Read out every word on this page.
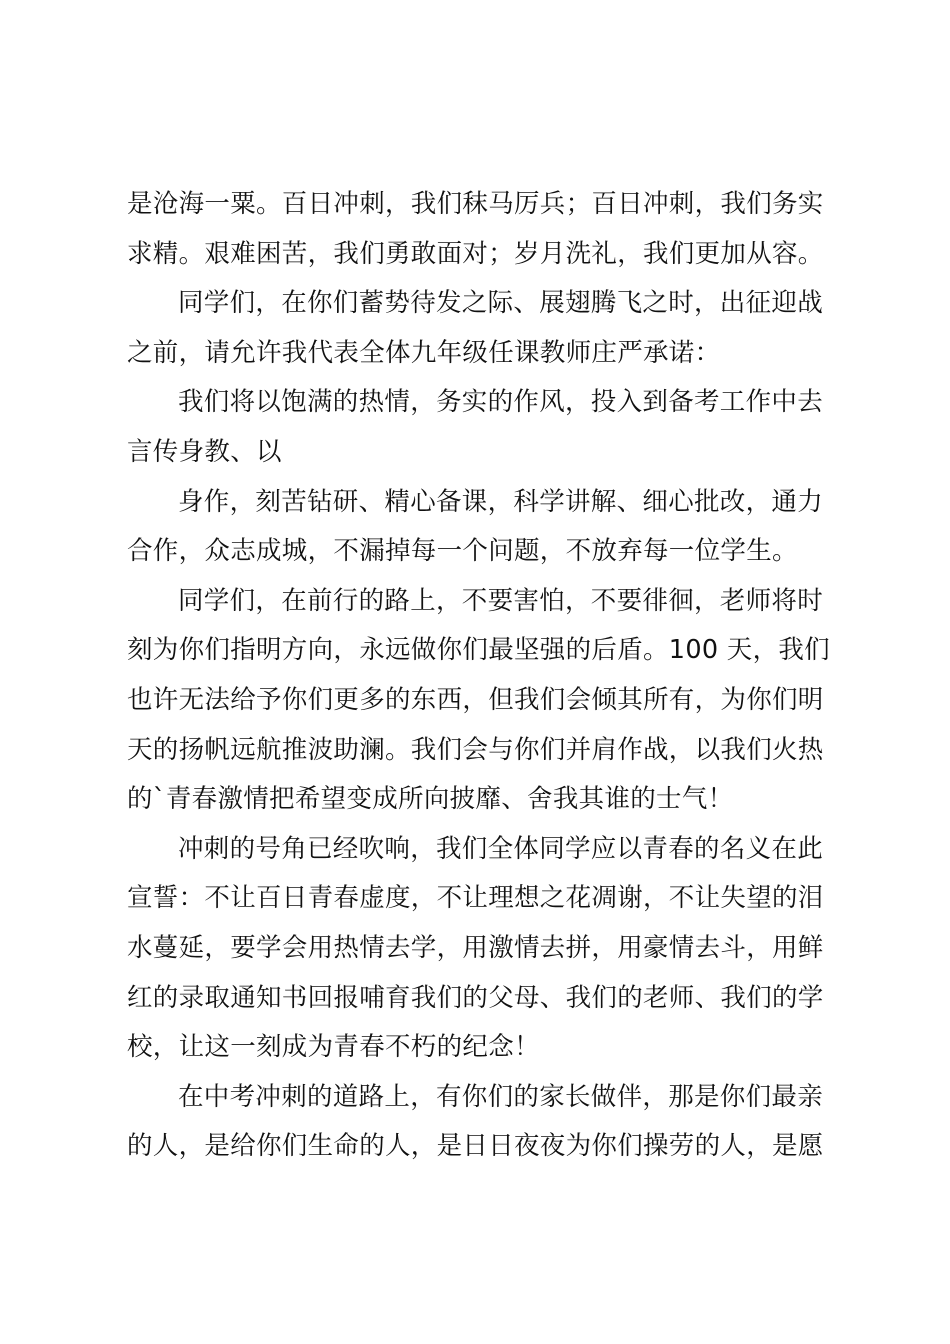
是沧海一粟。百日冲刺，我们秣马厉兵；百日冲刺，我们务实
求精。艰难困苦，我们勇敢面对；岁月洗礼，我们更加从容。
同学们，在你们蓄势待发之际、展翅腾飞之时，出征迎战
之前，请允许我代表全体九年级任课教师庄严承诺：
我们将以饱满的热情，务实的作风，投入到备考工作中去
言传身教、以
身作，刻苦钻研、精心备课，科学讲解、细心批改，通力
合作，众志成城，不漏掉每一个问题，不放弃每一位学生。
同学们，在前行的路上，不要害怕，不要徘徊，老师将时
刻为你们指明方向，永远做你们最坚强的后盾。100 天，我们
也许无法给予你们更多的东西，但我们会倾其所有，为你们明
天的扬帆远航推波助澜。我们会与你们并肩作战，以我们火热
的`青春激情把希望变成所向披靡、舍我其谁的士气！
冲刺的号角已经吹响，我们全体同学应以青春的名义在此
宣誓：不让百日青春虚度，不让理想之花凋谢，不让失望的泪
水蔓延，要学会用热情去学，用激情去拼，用豪情去斗，用鲜
红的录取通知书回报哺育我们的父母、我们的老师、我们的学
校，让这一刻成为青春不朽的纪念！
在中考冲刺的道路上，有你们的家长做伴，那是你们最亲
的人，是给你们生命的人，是日日夜夜为你们操劳的人，是愿
